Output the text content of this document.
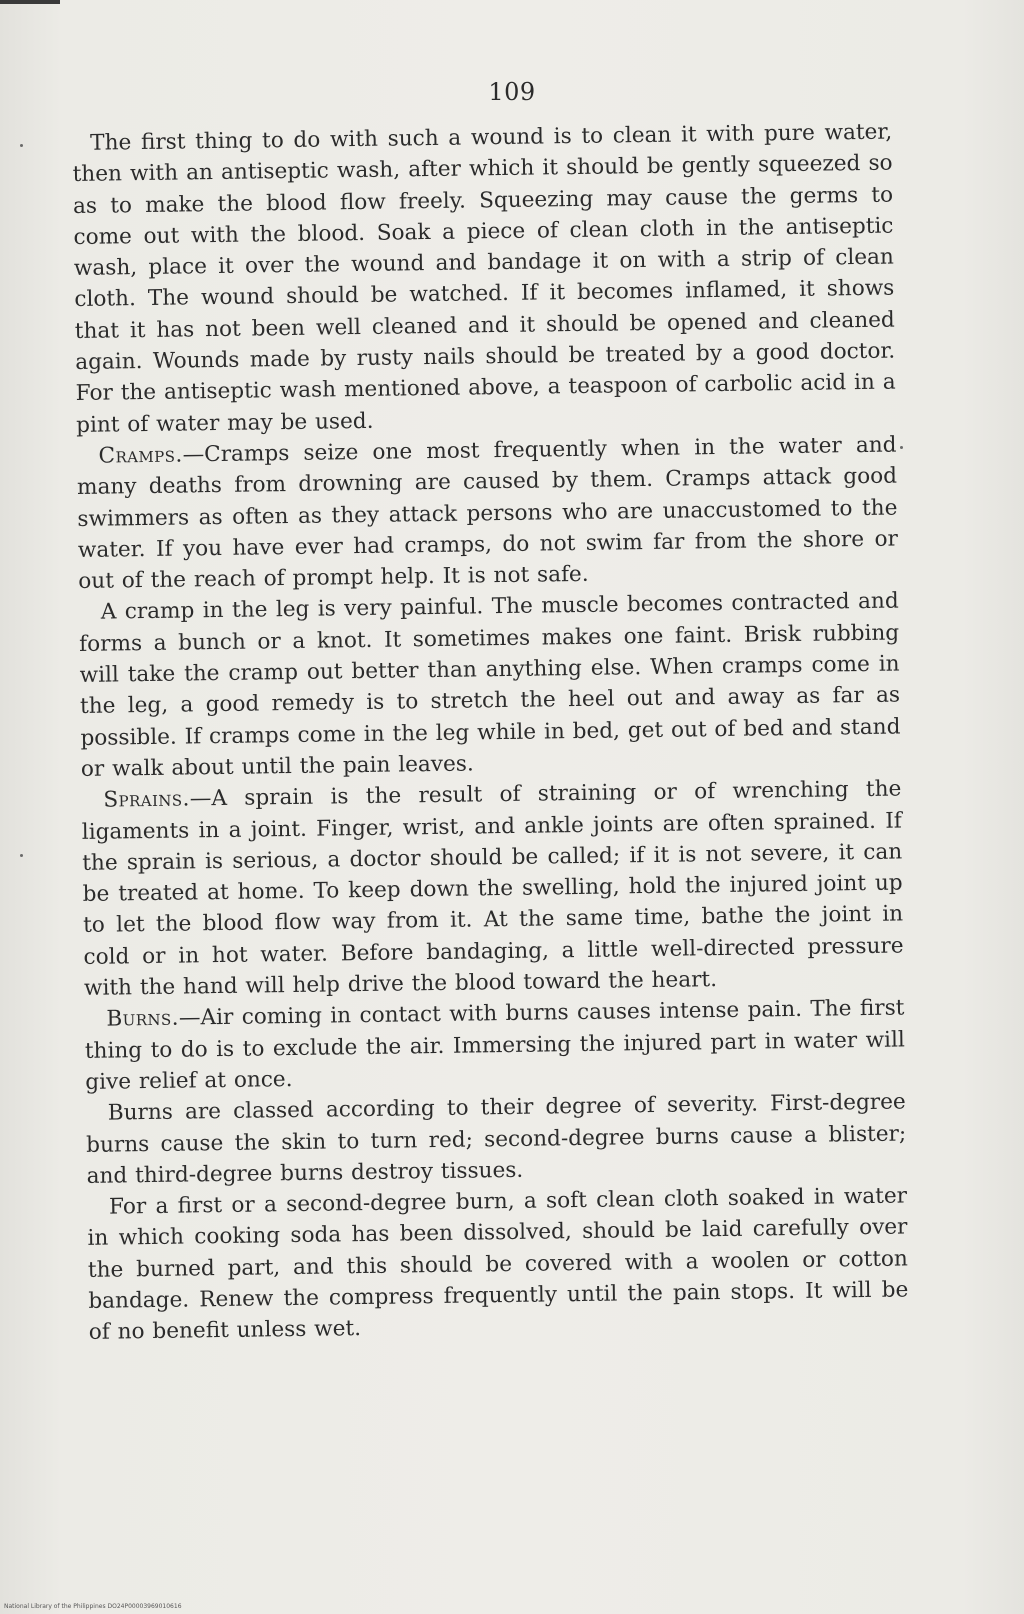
109

The first thing to do with such a wound is to clean it with pure water, then with an antiseptic wash, after which it should be gently squeezed so as to make the blood flow freely. Squeezing may cause the germs to come out with the blood. Soak a piece of clean cloth in the antiseptic wash, place it over the wound and bandage it on with a strip of clean cloth. The wound should be watched. If it becomes inflamed, it shows that it has not been well cleaned and it should be opened and cleaned again. Wounds made by rusty nails should be treated by a good doctor. For the antiseptic wash mentioned above, a teaspoon of carbolic acid in a pint of water may be used.

Cramps.—Cramps seize one most frequently when in the water and many deaths from drowning are caused by them. Cramps attack good swimmers as often as they attack persons who are unaccustomed to the water. If you have ever had cramps, do not swim far from the shore or out of the reach of prompt help. It is not safe.

A cramp in the leg is very painful. The muscle becomes contracted and forms a bunch or a knot. It sometimes makes one faint. Brisk rubbing will take the cramp out better than anything else. When cramps come in the leg, a good remedy is to stretch the heel out and away as far as possible. If cramps come in the leg while in bed, get out of bed and stand or walk about until the pain leaves.

Sprains.—A sprain is the result of straining or of wrenching the ligaments in a joint. Finger, wrist, and ankle joints are often sprained. If the sprain is serious, a doctor should be called; if it is not severe, it can be treated at home. To keep down the swelling, hold the injured joint up to let the blood flow way from it. At the same time, bathe the joint in cold or in hot water. Before bandaging, a little well-directed pressure with the hand will help drive the blood toward the heart.

Burns.—Air coming in contact with burns causes intense pain. The first thing to do is to exclude the air. Immersing the injured part in water will give relief at once.

Burns are classed according to their degree of severity. First-degree burns cause the skin to turn red; second-degree burns cause a blister; and third-degree burns destroy tissues.

For a first or a second-degree burn, a soft clean cloth soaked in water in which cooking soda has been dissolved, should be laid carefully over the burned part, and this should be covered with a woolen or cotton bandage. Renew the compress frequently until the pain stops. It will be of no benefit unless wet.

National Library of the Philippines DO24P00003969010616
